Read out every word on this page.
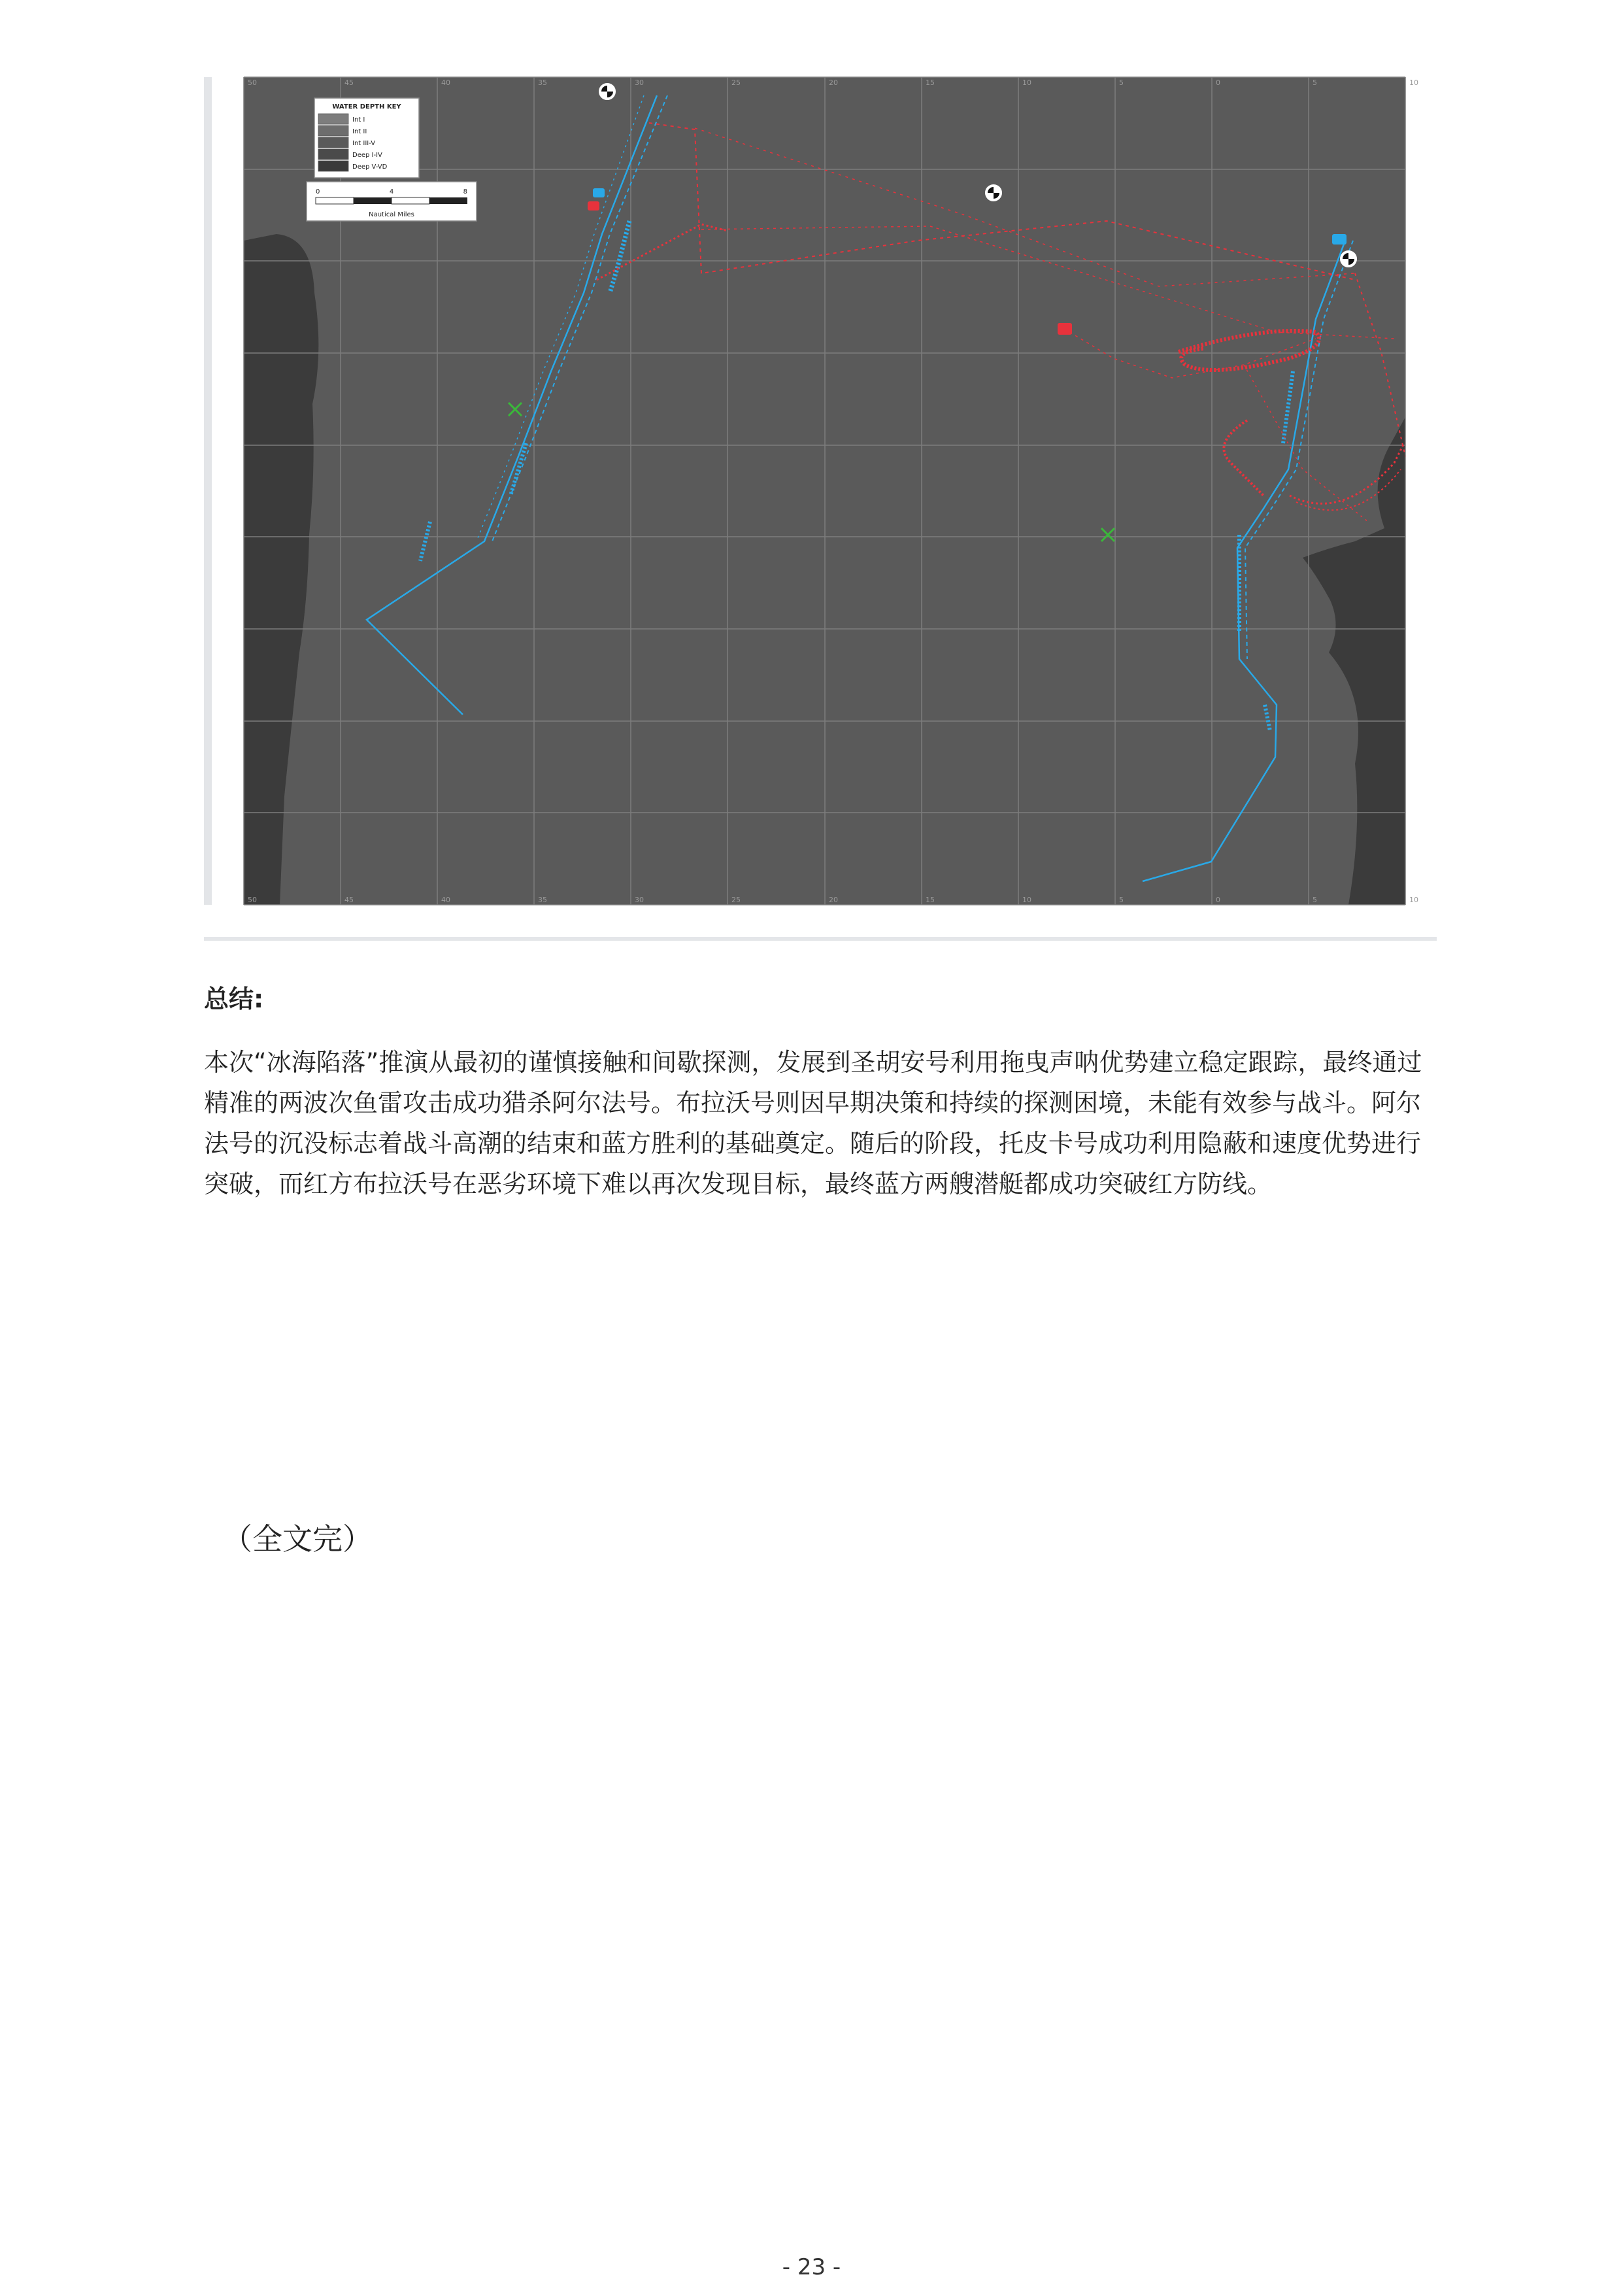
50	45	40	35	30	25	20	15	10	5	0	5	10
50	45	40	35	30	25	20	15	10	5	0	5	10
WATER DEPTH KEY
Int I
Int II
Int III-V
Deep I-IV
Deep V-VD
0	4	8
Nautical Miles
总结:

本次“冰海陷落”推演从最初的谨慎接触和间歇探测，发展到圣胡安号利用拖曳声呐优势建立稳定跟踪，最终通过精准的两波次鱼雷攻击成功猎杀阿尔法号。布拉沃号则因早期决策和持续的探测困境，未能有效参与战斗。阿尔法号的沉没标志着战斗高潮的结束和蓝方胜利的基础奠定。随后的阶段，托皮卡号成功利用隐蔽和速度优势进行突破，而红方布拉沃号在恶劣环境下难以再次发现目标，最终蓝方两艘潜艇都成功突破红方防线。

（全文完）
- 23 -
